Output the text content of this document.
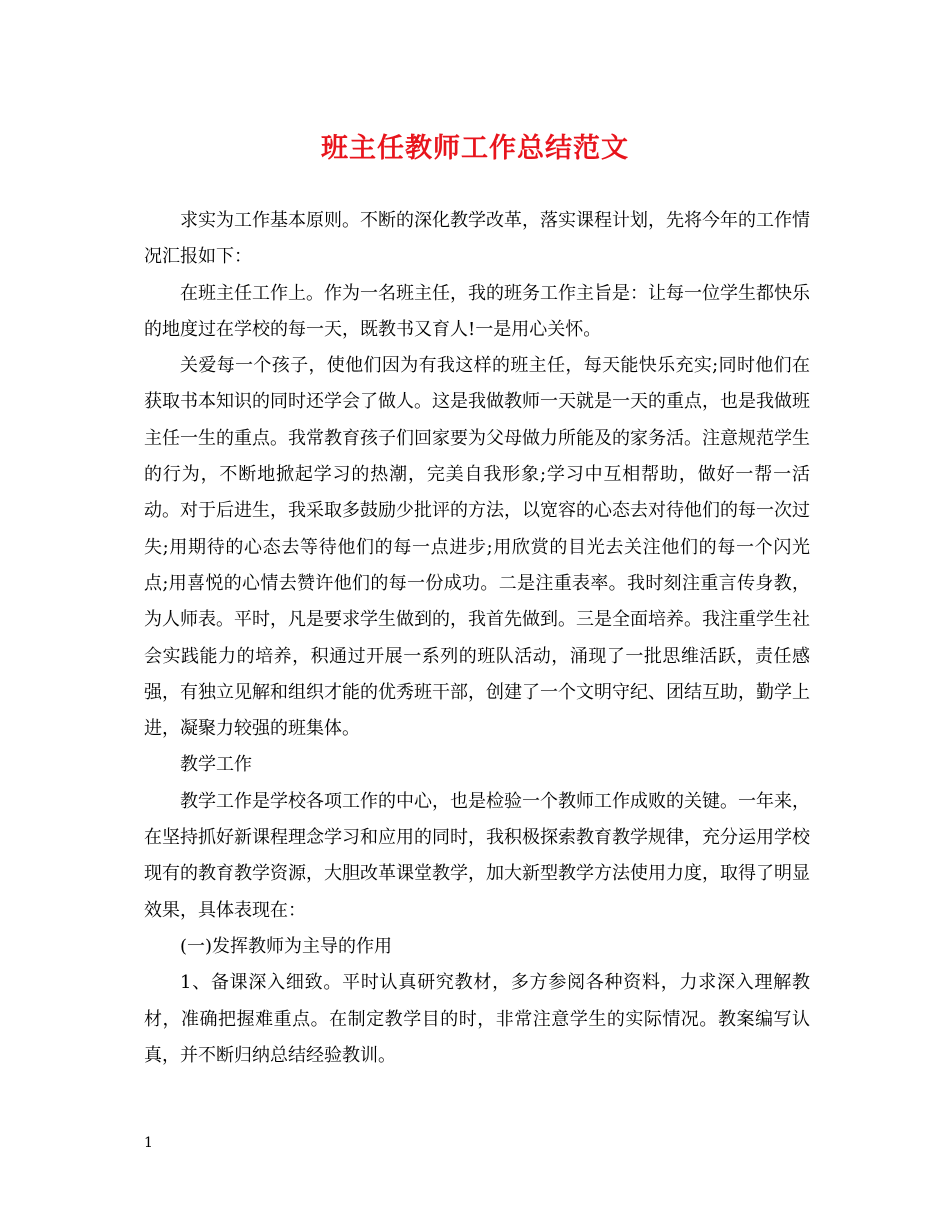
班主任教师工作总结范文

求实为工作基本原则。不断的深化教学改革，落实课程计划，先将今年的工作情况汇报如下：

在班主任工作上。作为一名班主任，我的班务工作主旨是：让每一位学生都快乐的地度过在学校的每一天，既教书又育人!一是用心关怀。

关爱每一个孩子，使他们因为有我这样的班主任，每天能快乐充实;同时他们在获取书本知识的同时还学会了做人。这是我做教师一天就是一天的重点，也是我做班主任一生的重点。我常教育孩子们回家要为父母做力所能及的家务活。注意规范学生的行为，不断地掀起学习的热潮，完美自我形象;学习中互相帮助，做好一帮一活动。对于后进生，我采取多鼓励少批评的方法，以宽容的心态去对待他们的每一次过失;用期待的心态去等待他们的每一点进步;用欣赏的目光去关注他们的每一个闪光点;用喜悦的心情去赞许他们的每一份成功。二是注重表率。我时刻注重言传身教，为人师表。平时，凡是要求学生做到的，我首先做到。三是全面培养。我注重学生社会实践能力的培养，积通过开展一系列的班队活动，涌现了一批思维活跃，责任感强，有独立见解和组织才能的优秀班干部，创建了一个文明守纪、团结互助，勤学上进，凝聚力较强的班集体。

教学工作

教学工作是学校各项工作的中心，也是检验一个教师工作成败的关键。一年来，在坚持抓好新课程理念学习和应用的同时，我积极探索教育教学规律，充分运用学校现有的教育教学资源，大胆改革课堂教学，加大新型教学方法使用力度，取得了明显效果，具体表现在：

(一)发挥教师为主导的作用

1、备课深入细致。平时认真研究教材，多方参阅各种资料，力求深入理解教材，准确把握难重点。在制定教学目的时，非常注意学生的实际情况。教案编写认真，并不断归纳总结经验教训。

1
